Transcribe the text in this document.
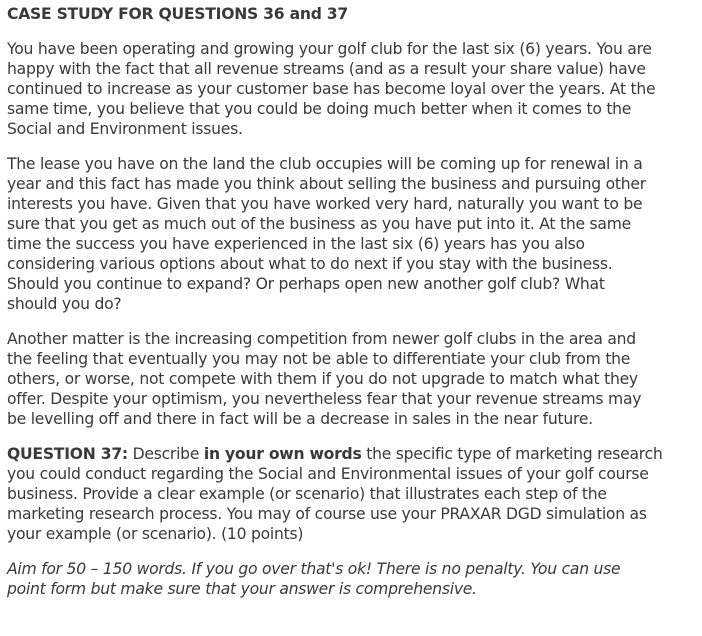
CASE STUDY FOR QUESTIONS 36 and 37
You have been operating and growing your golf club for the last six (6) years. You are
happy with the fact that all revenue streams (and as a result your share value) have
continued to increase as your customer base has become loyal over the years. At the
same time, you believe that you could be doing much better when it comes to the
Social and Environment issues.
The lease you have on the land the club occupies will be coming up for renewal in a
year and this fact has made you think about selling the business and pursuing other
interests you have. Given that you have worked very hard, naturally you want to be
sure that you get as much out of the business as you have put into it. At the same
time the success you have experienced in the last six (6) years has you also
considering various options about what to do next if you stay with the business.
Should you continue to expand? Or perhaps open new another golf club? What
should you do?
Another matter is the increasing competition from newer golf clubs in the area and
the feeling that eventually you may not be able to differentiate your club from the
others, or worse, not compete with them if you do not upgrade to match what they
offer. Despite your optimism, you nevertheless fear that your revenue streams may
be levelling off and there in fact will be a decrease in sales in the near future.
QUESTION 37: Describe in your own words the specific type of marketing research
you could conduct regarding the Social and Environmental issues of your golf course
business. Provide a clear example (or scenario) that illustrates each step of the
marketing research process. You may of course use your PRAXAR DGD simulation as
your example (or scenario). (10 points)
Aim for 50 – 150 words. If you go over that's ok! There is no penalty. You can use
point form but make sure that your answer is comprehensive.
